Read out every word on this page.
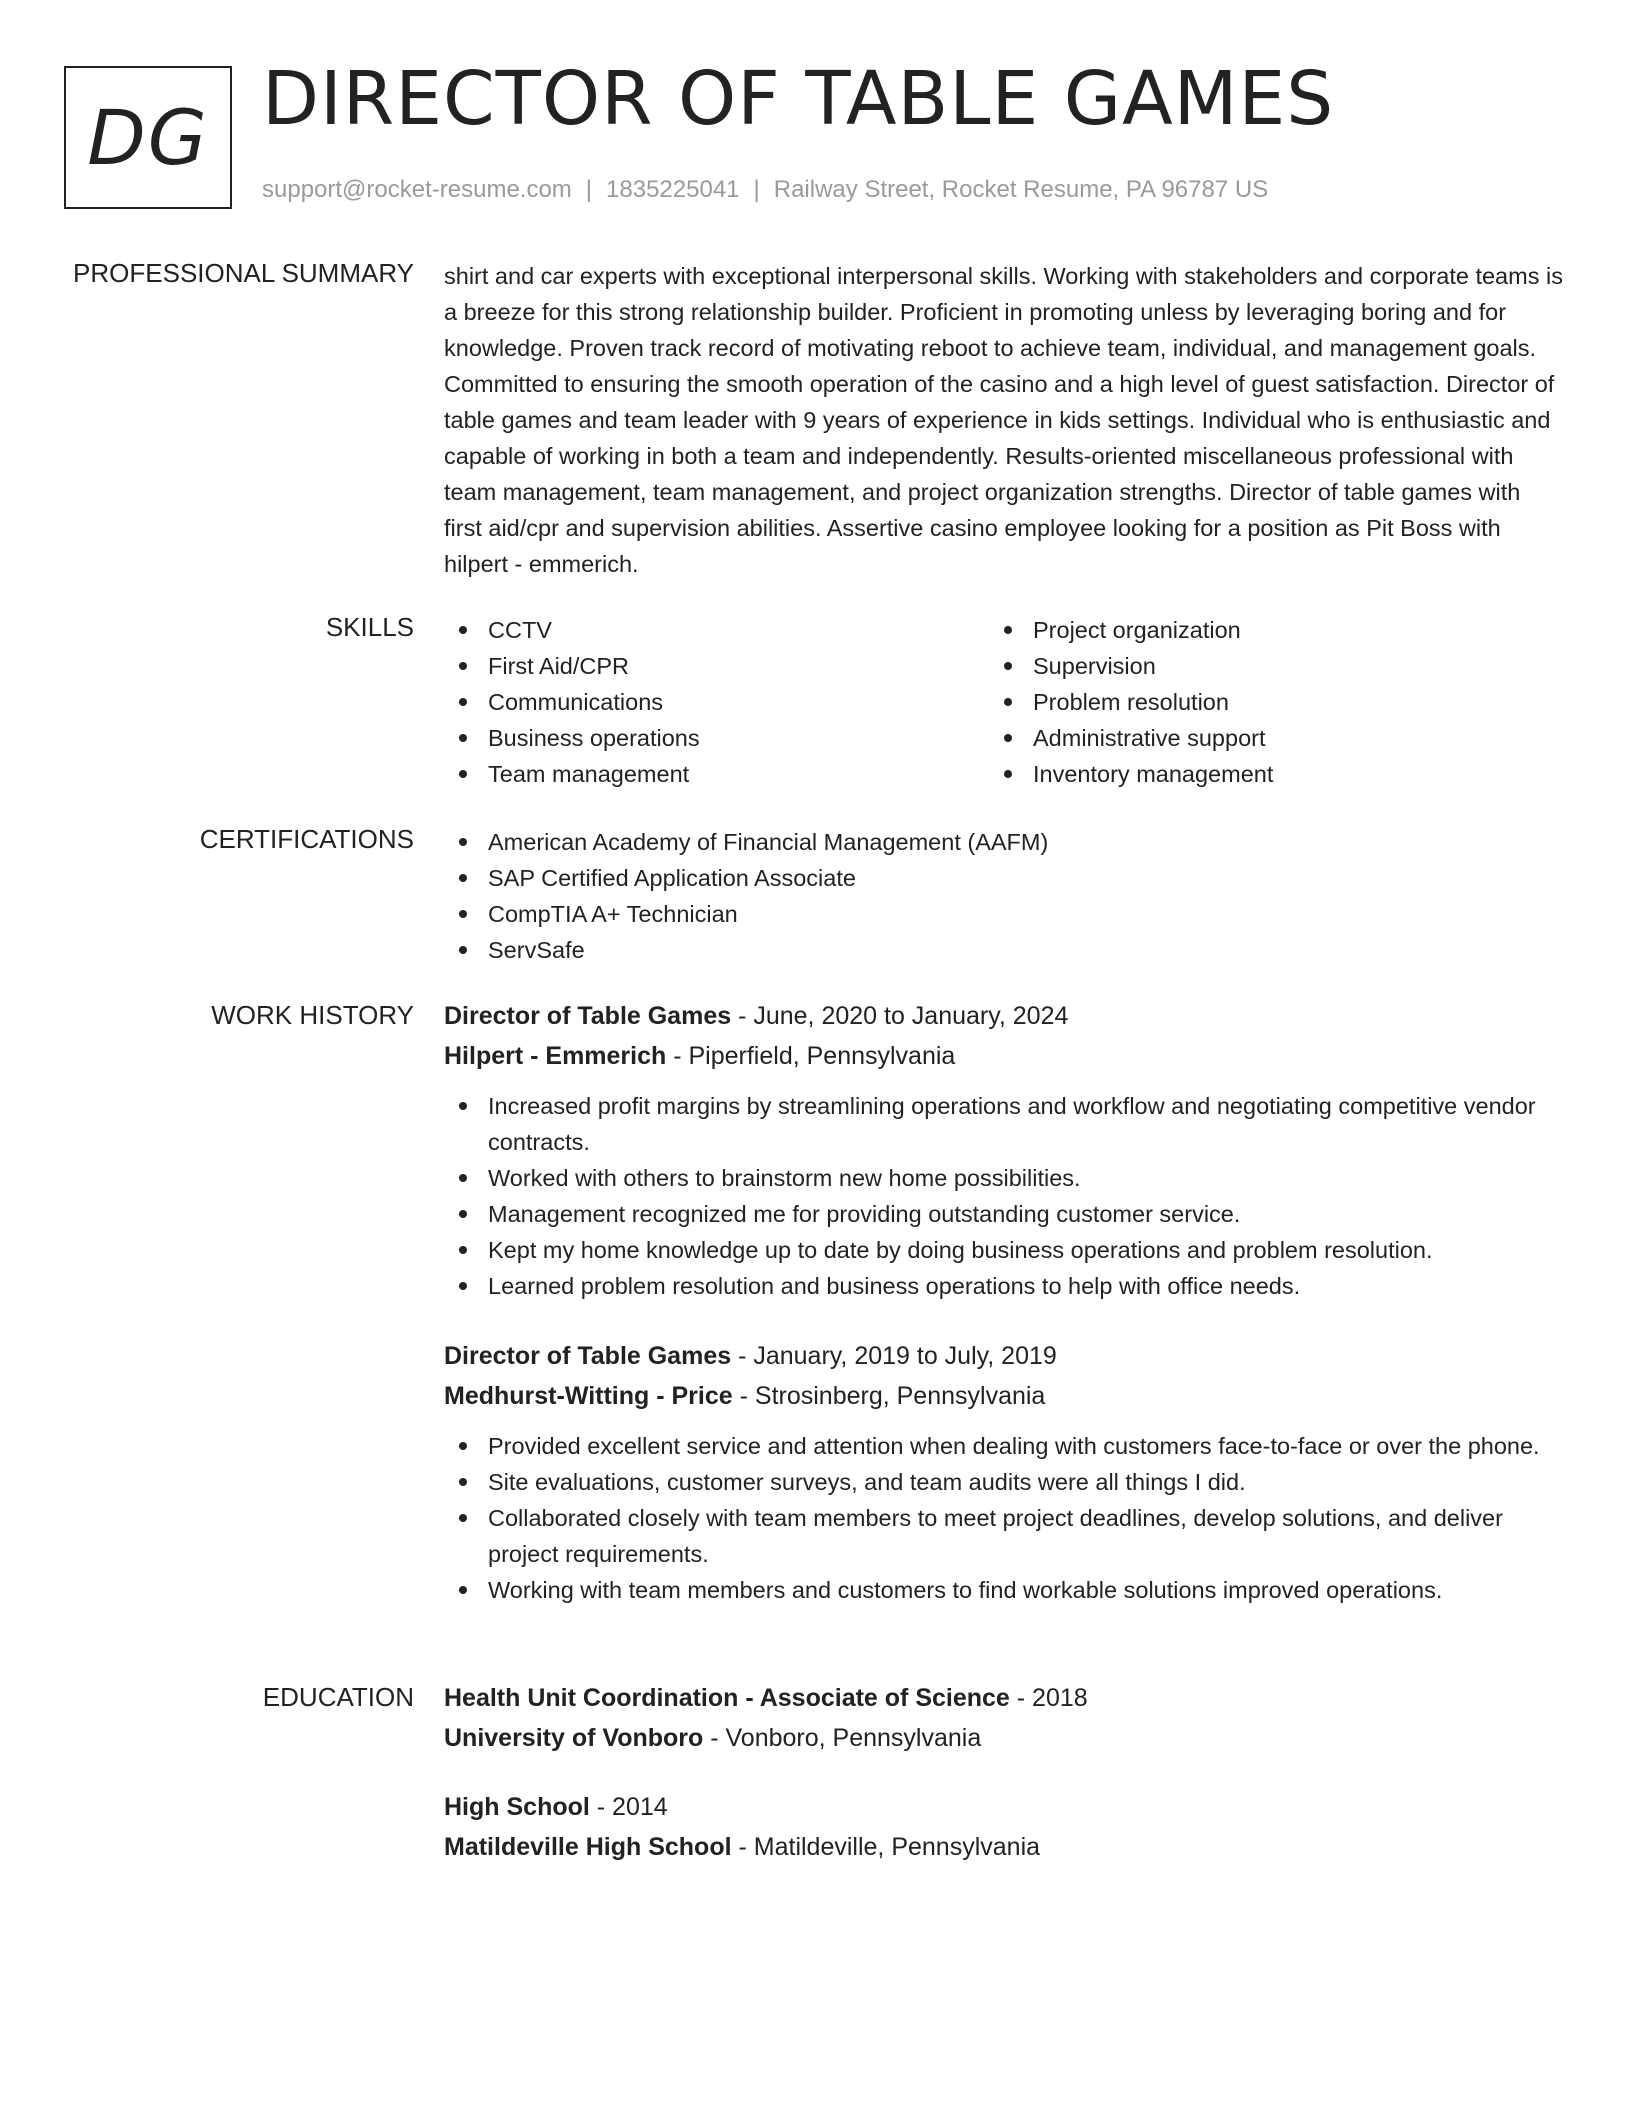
DG DIRECTOR OF TABLE GAMES
support@rocket-resume.com | 1835225041 | Railway Street, Rocket Resume, PA 96787 US
PROFESSIONAL SUMMARY shirt and car experts with exceptional interpersonal skills. Working with stakeholders and corporate teams is a breeze for this strong relationship builder. Proficient in promoting unless by leveraging boring and for knowledge. Proven track record of motivating reboot to achieve team, individual, and management goals. Committed to ensuring the smooth operation of the casino and a high level of guest satisfaction. Director of table games and team leader with 9 years of experience in kids settings. Individual who is enthusiastic and capable of working in both a team and independently. Results-oriented miscellaneous professional with team management, team management, and project organization strengths. Director of table games with first aid/cpr and supervision abilities. Assertive casino employee looking for a position as Pit Boss with hilpert - emmerich.
SKILLS	CCTV
First Aid/CPR
Communications
Business operations
Team management
Project organization
Supervision
Problem resolution
Administrative support
Inventory management
CERTIFICATIONS	American Academy of Financial Management (AAFM)
SAP Certified Application Associate
CompTIA A+ Technician
ServSafe
WORK HISTORY Director of Table Games - June, 2020 to January, 2024
Hilpert - Emmerich - Piperfield, Pennsylvania
Increased profit margins by streamlining operations and workflow and negotiating competitive vendor contracts.
Worked with others to brainstorm new home possibilities.
Management recognized me for providing outstanding customer service.
Kept my home knowledge up to date by doing business operations and problem resolution.
Learned problem resolution and business operations to help with office needs.
Director of Table Games - January, 2019 to July, 2019
Medhurst-Witting - Price - Strosinberg, Pennsylvania
Provided excellent service and attention when dealing with customers face-to-face or over the phone.
Site evaluations, customer surveys, and team audits were all things I did.
Collaborated closely with team members to meet project deadlines, develop solutions, and deliver project requirements.
Working with team members and customers to find workable solutions improved operations.
EDUCATION Health Unit Coordination - Associate of Science - 2018
University of Vonboro - Vonboro, Pennsylvania
High School - 2014
Matildeville High School - Matildeville, Pennsylvania
